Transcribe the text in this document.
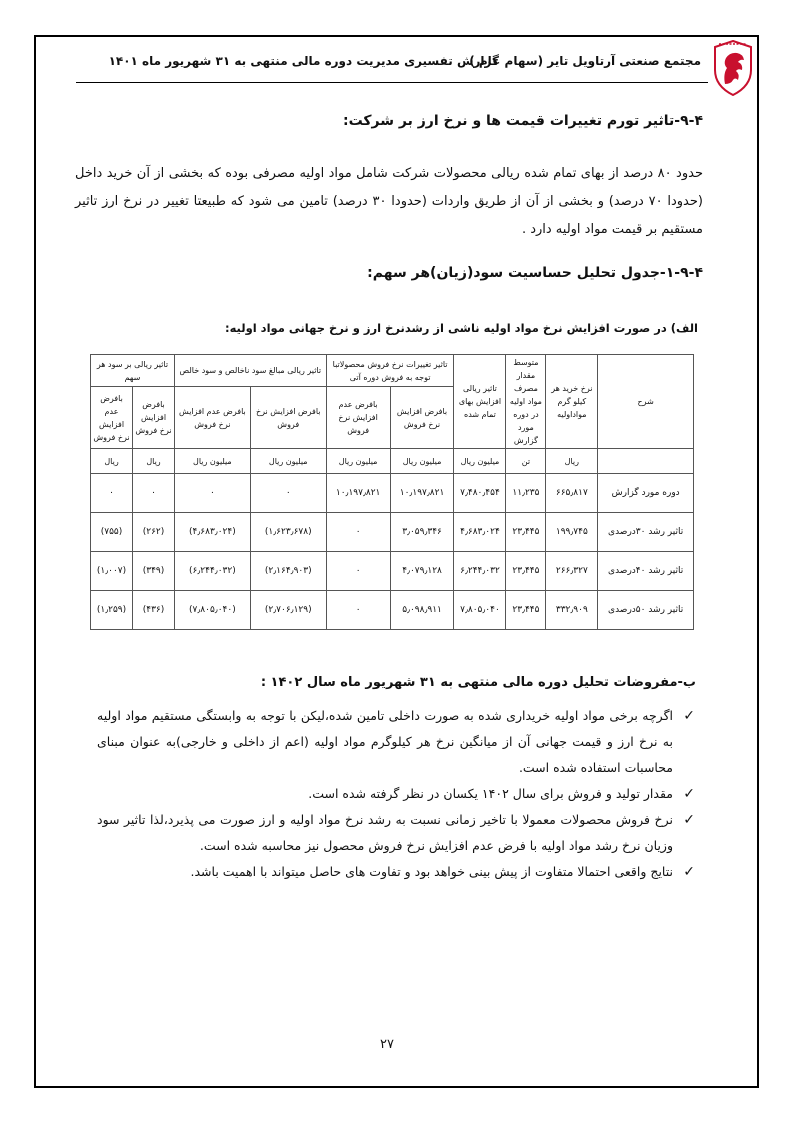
مجتمع صنعتی آرتاویل تایر (سهام عام )
گزارش تفسیری مدیریت دوره مالی منتهی به ۳۱ شهریور ماه ۱۴۰۱
۹-۴-تاثیر تورم تغییرات قیمت ها و نرخ ارز بر شرکت:
حدود ۸۰ درصد از بهای تمام شده ریالی محصولات شرکت شامل مواد اولیه مصرفی بوده که بخشی از آن خرید داخل (حدودا ۷۰ درصد) و بخشی از آن از طریق واردات (حدودا ۳۰ درصد) تامین می شود که طبیعتا تغییر در نرخ ارز تاثیر مستقیم بر قیمت مواد اولیه دارد .
۱-۹-۴-جدول تحلیل حساسیت سود(زیان)هر سهم:
الف) در صورت افزایش نرخ مواد اولیه ناشی از رشدنرخ ارز و نرخ جهانی مواد اولیه:
شرح	نرخ خرید هر کیلو گرم مواداولیه	متوسط مقدار مصرف مواد اولیه در دوره مورد گزارش	تاثیر ریالی افزایش بهای تمام شده	تاثیر تغییرات نرخ فروش محصولاتبا توجه به فروش دوره آتی		تاثیر ریالی مبالغ سود ناخالص و سود خالص		تاثیر ریالی بر سود هر سهم	
				بافرض افزایش نرخ فروش	بافرض عدم افزایش نرخ فروش	بافرض افزایش نرخ فروش	بافرض عدم افزایش نرخ فروش	بافرض افزایش نرخ فروش	بافرض عدم افزایش نرخ فروش
	ریال	تن	میلیون ریال	میلیون ریال	میلیون ریال	میلیون ریال	میلیون ریال	ریال	ریال
دوره مورد گزارش	۶۶۵٫۸۱۷	۱۱٫۲۳۵	۷٫۴۸۰٫۴۵۴	۱۰٫۱۹۷٫۸۲۱	۱۰٫۱۹۷٫۸۲۱	۰	۰	۰	۰
تاثیر رشد ۳۰درصدی	۱۹۹٫۷۴۵	۲۳٫۴۴۵	۴٫۶۸۳٫۰۲۴	۳٫۰۵۹٫۳۴۶	۰	(۱٫۶۲۳٫۶۷۸)	(۴٫۶۸۳٫۰۲۴)	(۲۶۲)	(۷۵۵)
تاثیر رشد ۴۰درصدی	۲۶۶٫۳۲۷	۲۳٫۴۴۵	۶٫۲۴۴٫۰۳۲	۴٫۰۷۹٫۱۲۸	۰	(۲٫۱۶۴٫۹۰۳)	(۶٫۲۴۴٫۰۳۲)	(۳۴۹)	(۱٫۰۰۷)
تاثیر رشد ۵۰درصدی	۳۳۲٫۹۰۹	۲۳٫۴۴۵	۷٫۸۰۵٫۰۴۰	۵٫۰۹۸٫۹۱۱	۰	(۲٫۷۰۶٫۱۲۹)	(۷٫۸۰۵٫۰۴۰)	(۴۳۶)	(۱٫۲۵۹)
ب-مفروضات تحلیل دوره مالی منتهی به ۳۱ شهریور ماه سال ۱۴۰۲ :
✓
اگرچه برخی مواد اولیه خریداری شده به صورت داخلی تامین شده،لیکن با توجه به وابستگی مستقیم مواد اولیه به نرخ ارز و قیمت جهانی آن از میانگین نرخ هر کیلوگرم مواد اولیه (اعم از داخلی و خارجی)به عنوان مبنای محاسبات استفاده شده است.
✓
مقدار تولید و فروش برای سال ۱۴۰۲ یکسان در نظر گرفته شده است.
✓
نرخ فروش محصولات معمولا با تاخیر زمانی نسبت به رشد نرخ مواد اولیه و ارز صورت می پذیرد،لذا تاثیر سود وزیان نرخ رشد مواد اولیه با فرض عدم افزایش نرخ فروش محصول نیز محاسبه شده است.
✓
نتایج واقعی احتمالا متفاوت از پیش بینی خواهد بود و تفاوت های حاصل میتواند با اهمیت باشد.
۲۷
